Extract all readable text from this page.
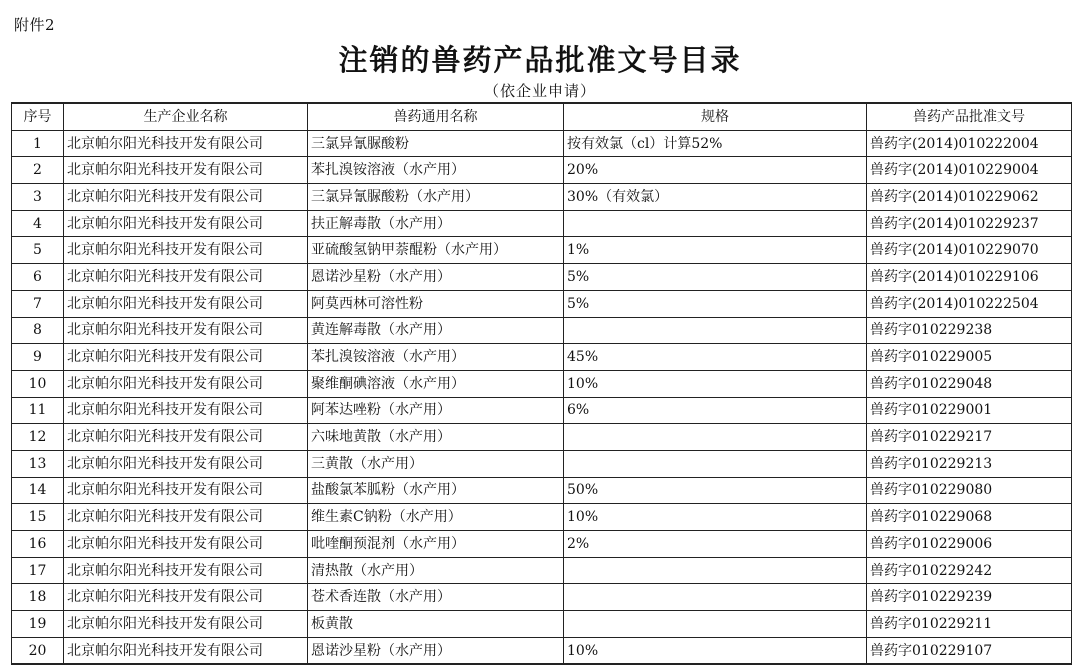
附件2
注销的兽药产品批准文号目录
（依企业申请）
序号	生产企业名称	兽药通用名称	规格	兽药产品批准文号
1	北京帕尔阳光科技开发有限公司	三氯异氰脲酸粉	按有效氯（cl）计算52%	兽药字(2014)010222004
2	北京帕尔阳光科技开发有限公司	苯扎溴铵溶液（水产用）	20%	兽药字(2014)010229004
3	北京帕尔阳光科技开发有限公司	三氯异氰脲酸粉（水产用）	30%（有效氯）	兽药字(2014)010229062
4	北京帕尔阳光科技开发有限公司	扶正解毒散（水产用）		兽药字(2014)010229237
5	北京帕尔阳光科技开发有限公司	亚硫酸氢钠甲萘醌粉（水产用）	1%	兽药字(2014)010229070
6	北京帕尔阳光科技开发有限公司	恩诺沙星粉（水产用）	5%	兽药字(2014)010229106
7	北京帕尔阳光科技开发有限公司	阿莫西林可溶性粉	5%	兽药字(2014)010222504
8	北京帕尔阳光科技开发有限公司	黄连解毒散（水产用）		兽药字010229238
9	北京帕尔阳光科技开发有限公司	苯扎溴铵溶液（水产用）	45%	兽药字010229005
10	北京帕尔阳光科技开发有限公司	聚维酮碘溶液（水产用）	10%	兽药字010229048
11	北京帕尔阳光科技开发有限公司	阿苯达唑粉（水产用）	6%	兽药字010229001
12	北京帕尔阳光科技开发有限公司	六味地黄散（水产用）		兽药字010229217
13	北京帕尔阳光科技开发有限公司	三黄散（水产用）		兽药字010229213
14	北京帕尔阳光科技开发有限公司	盐酸氯苯胍粉（水产用）	50%	兽药字010229080
15	北京帕尔阳光科技开发有限公司	维生素C钠粉（水产用）	10%	兽药字010229068
16	北京帕尔阳光科技开发有限公司	吡喹酮预混剂（水产用）	2%	兽药字010229006
17	北京帕尔阳光科技开发有限公司	清热散（水产用）		兽药字010229242
18	北京帕尔阳光科技开发有限公司	苍术香连散（水产用）		兽药字010229239
19	北京帕尔阳光科技开发有限公司	板黄散		兽药字010229211
20	北京帕尔阳光科技开发有限公司	恩诺沙星粉（水产用）	10%	兽药字010229107
